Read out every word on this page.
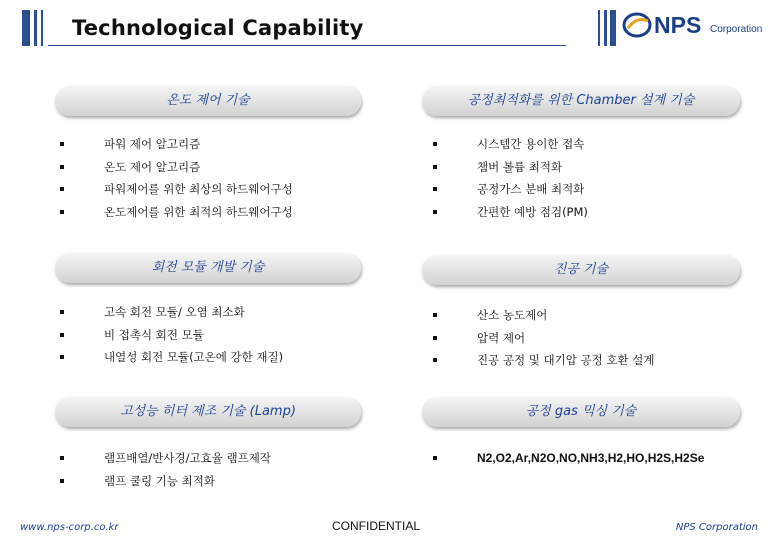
Technological Capability	NPS Corporation
온도 제어 기술
파워 제어 알고리즘
온도 제어 알고리즘
파워제어를 위한 최상의 하드웨어구성
온도제어를 위한 최적의 하드웨어구성
공정최적화를 위한 Chamber 설계 기술
시스템간 용이한 접속
챔버 볼륨 최적화
공정가스 분배 최적화
간편한 예방 점검(PM)
회전 모듈 개발 기술
고속 회전 모듈/ 오염 최소화
비 접촉식 회전 모듈
내열성 회전 모듈(고온에 강한 재질)
진공 기술
산소 농도제어
압력 제어
진공 공정 및 대기압 공정 호환 설계
고성능 히터 제조 기술 (Lamp)
램프배열/반사경/고효율 램프제작
램프 쿨링 기능 최적화
공정 gas 믹싱 기술
N2,O2,Ar,N2O,NO,NH3,H2,HO,H2S,H2Se
www.nps-corp.co.kr	CONFIDENTIAL	NPS Corporation
